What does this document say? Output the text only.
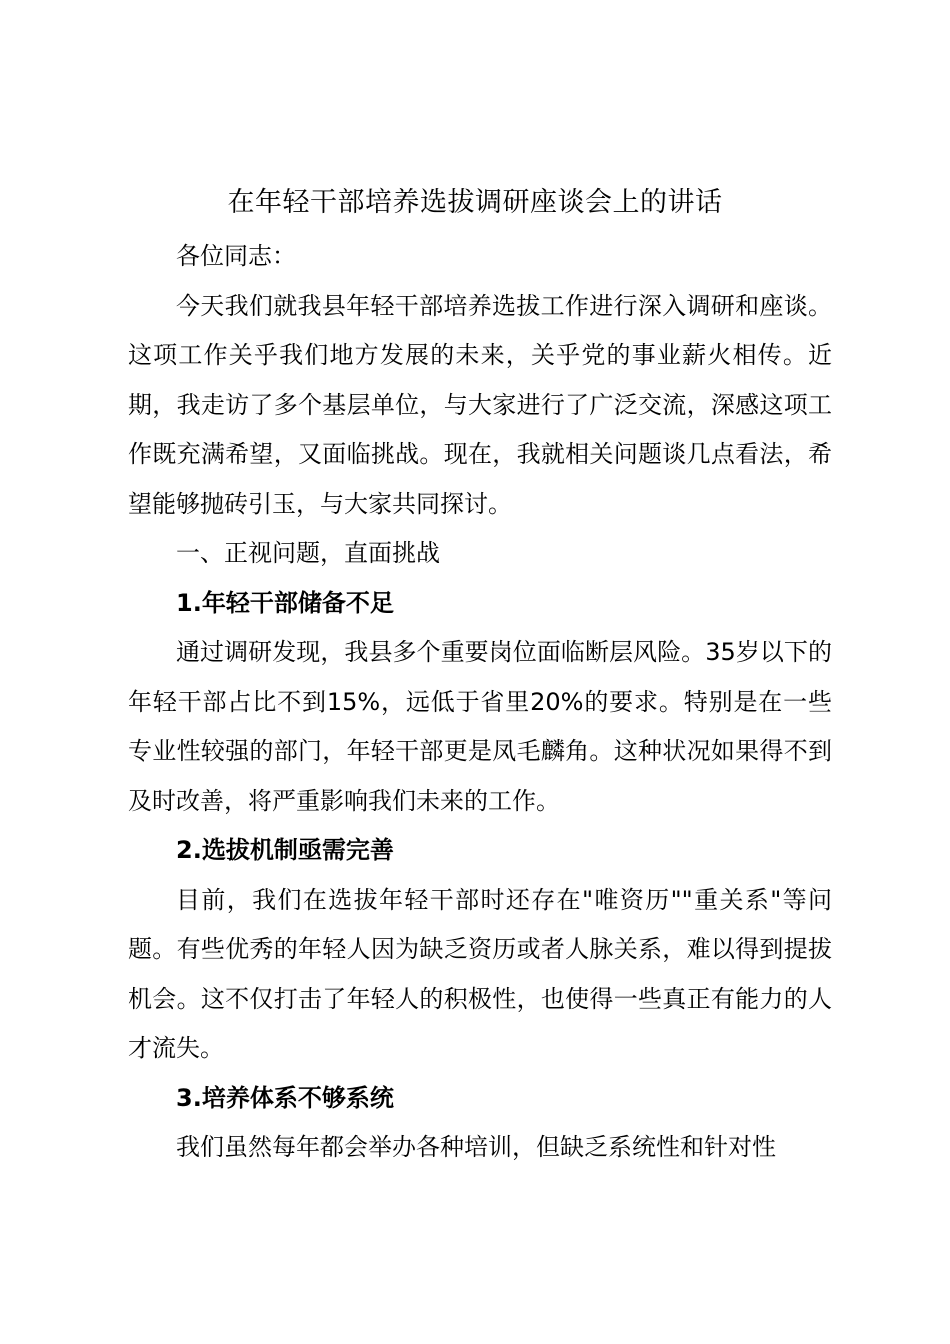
在年轻干部培养选拔调研座谈会上的讲话

各位同志：

今天我们就我县年轻干部培养选拔工作进行深入调研和座谈。这项工作关乎我们地方发展的未来，关乎党的事业薪火相传。近期，我走访了多个基层单位，与大家进行了广泛交流，深感这项工作既充满希望，又面临挑战。现在，我就相关问题谈几点看法，希望能够抛砖引玉，与大家共同探讨。

一、正视问题，直面挑战

1.年轻干部储备不足

通过调研发现，我县多个重要岗位面临断层风险。35岁以下的年轻干部占比不到15%，远低于省里20%的要求。特别是在一些专业性较强的部门，年轻干部更是凤毛麟角。这种状况如果得不到及时改善，将严重影响我们未来的工作。

2.选拔机制亟需完善

目前，我们在选拔年轻干部时还存在"唯资历""重关系"等问题。有些优秀的年轻人因为缺乏资历或者人脉关系，难以得到提拔机会。这不仅打击了年轻人的积极性，也使得一些真正有能力的人才流失。

3.培养体系不够系统

我们虽然每年都会举办各种培训，但缺乏系统性和针对性
